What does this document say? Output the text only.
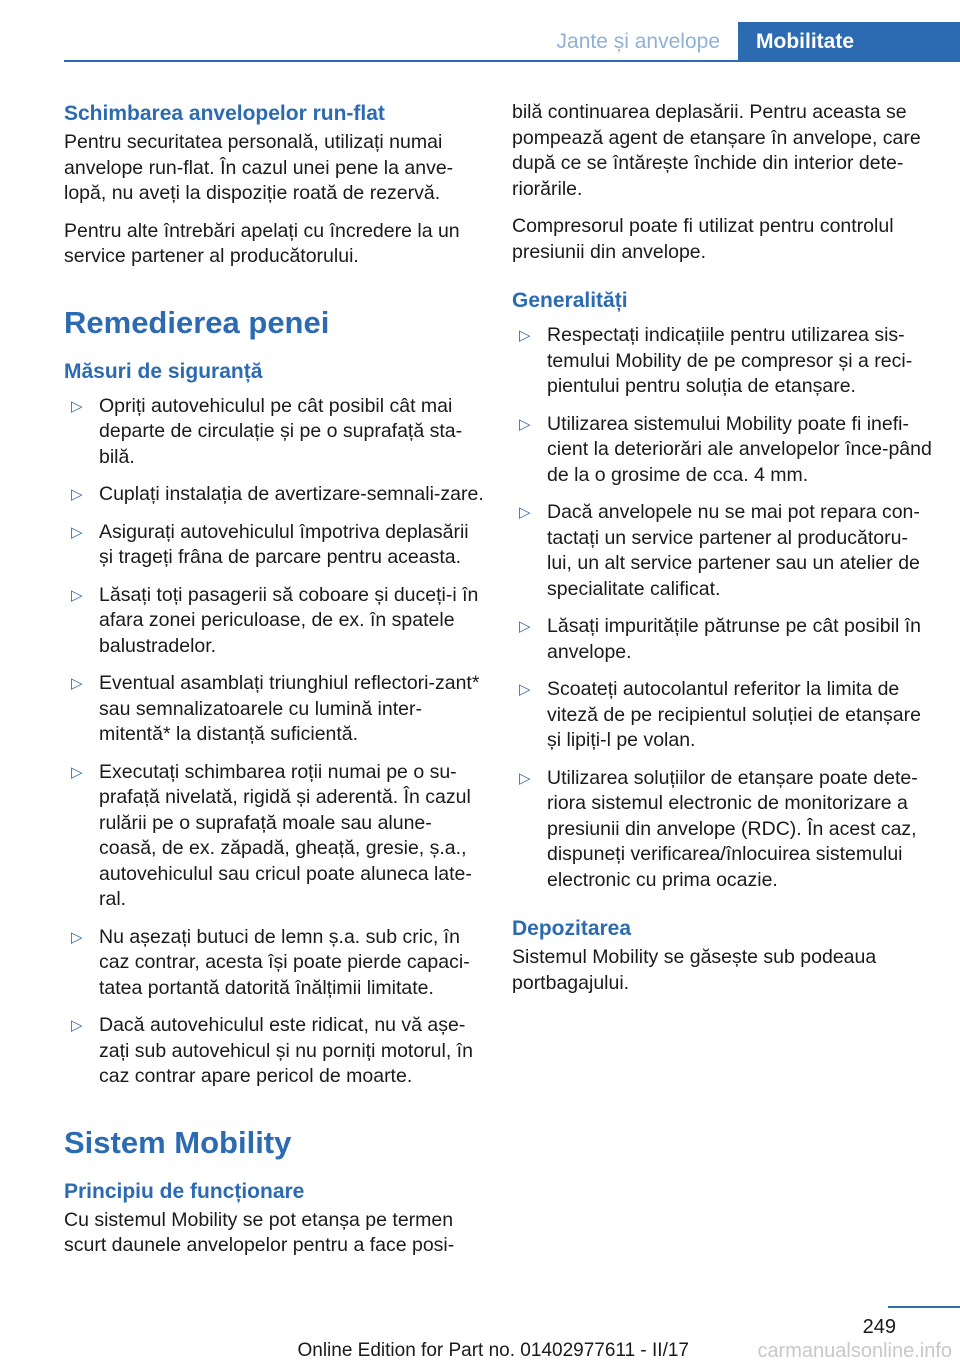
Jante și anvelope	Mobilitate
Schimbarea anvelopelor run-flat

Pentru securitatea personală, utilizați numai anvelope run-flat. În cazul unei pene la anve-lopă, nu aveți la dispoziție roată de rezervă.

Pentru alte întrebări apelați cu încredere la un service partener al producătorului.

Remedierea penei
Măsuri de siguranță
▷ Opriți autovehiculul pe cât posibil cât mai departe de circulație și pe o suprafață sta-bilă.
▷ Cuplați instalația de avertizare-semnali-zare.
▷ Asigurați autovehiculul împotriva deplasării și trageți frâna de parcare pentru aceasta.
▷ Lăsați toți pasagerii să coboare și duceți-i în afara zonei periculoase, de ex. în spatele balustradelor.
▷ Eventual asamblați triunghiul reflectori-zant* sau semnalizatoarele cu lumină inter-mitentă* la distanță suficientă.
▷ Executați schimbarea roții numai pe o su-prafață nivelată, rigidă și aderentă. În cazul rulării pe o suprafață moale sau alune-coasă, de ex. zăpadă, gheață, gresie, ș.a., autovehiculul sau cricul poate aluneca late-ral.
▷ Nu așezați butuci de lemn ș.a. sub cric, în caz contrar, acesta își poate pierde capaci-tatea portantă datorită înălțimii limitate.
▷ Dacă autovehiculul este ridicat, nu vă așe-zați sub autovehicul și nu porniți motorul, în caz contrar apare pericol de moarte.
Sistem Mobility
Principiu de funcționare

Cu sistemul Mobility se pot etanșa pe termen scurt daunele anvelopelor pentru a face posi-

bilă continuarea deplasării. Pentru aceasta se pompează agent de etanșare în anvelope, care după ce se întărește închide din interior dete-riorările.

Compresorul poate fi utilizat pentru controlul presiunii din anvelope.

Generalități
▷ Respectați indicațiile pentru utilizarea sis-temului Mobility de pe compresor și a reci-pientului pentru soluția de etanșare.
▷ Utilizarea sistemului Mobility poate fi inefi-cient la deteriorări ale anvelopelor înce-pând de la o grosime de cca. 4 mm.
▷ Dacă anvelopele nu se mai pot repara con-tactați un service partener al producătoru-lui, un alt service partener sau un atelier de specialitate calificat.
▷ Lăsați impuritățile pătrunse pe cât posibil în anvelope.
▷ Scoateți autocolantul referitor la limita de viteză de pe recipientul soluției de etanșare și lipiți-l pe volan.
▷ Utilizarea soluțiilor de etanșare poate dete-riora sistemul electronic de monitorizare a presiunii din anvelope (RDC). În acest caz, dispuneți verificarea/înlocuirea sistemului electronic cu prima ocazie.
Depozitarea

Sistemul Mobility se găsește sub podeaua portbagajului.

249
Online Edition for Part no. 01402977611 - II/17	carmanualsonline.info
